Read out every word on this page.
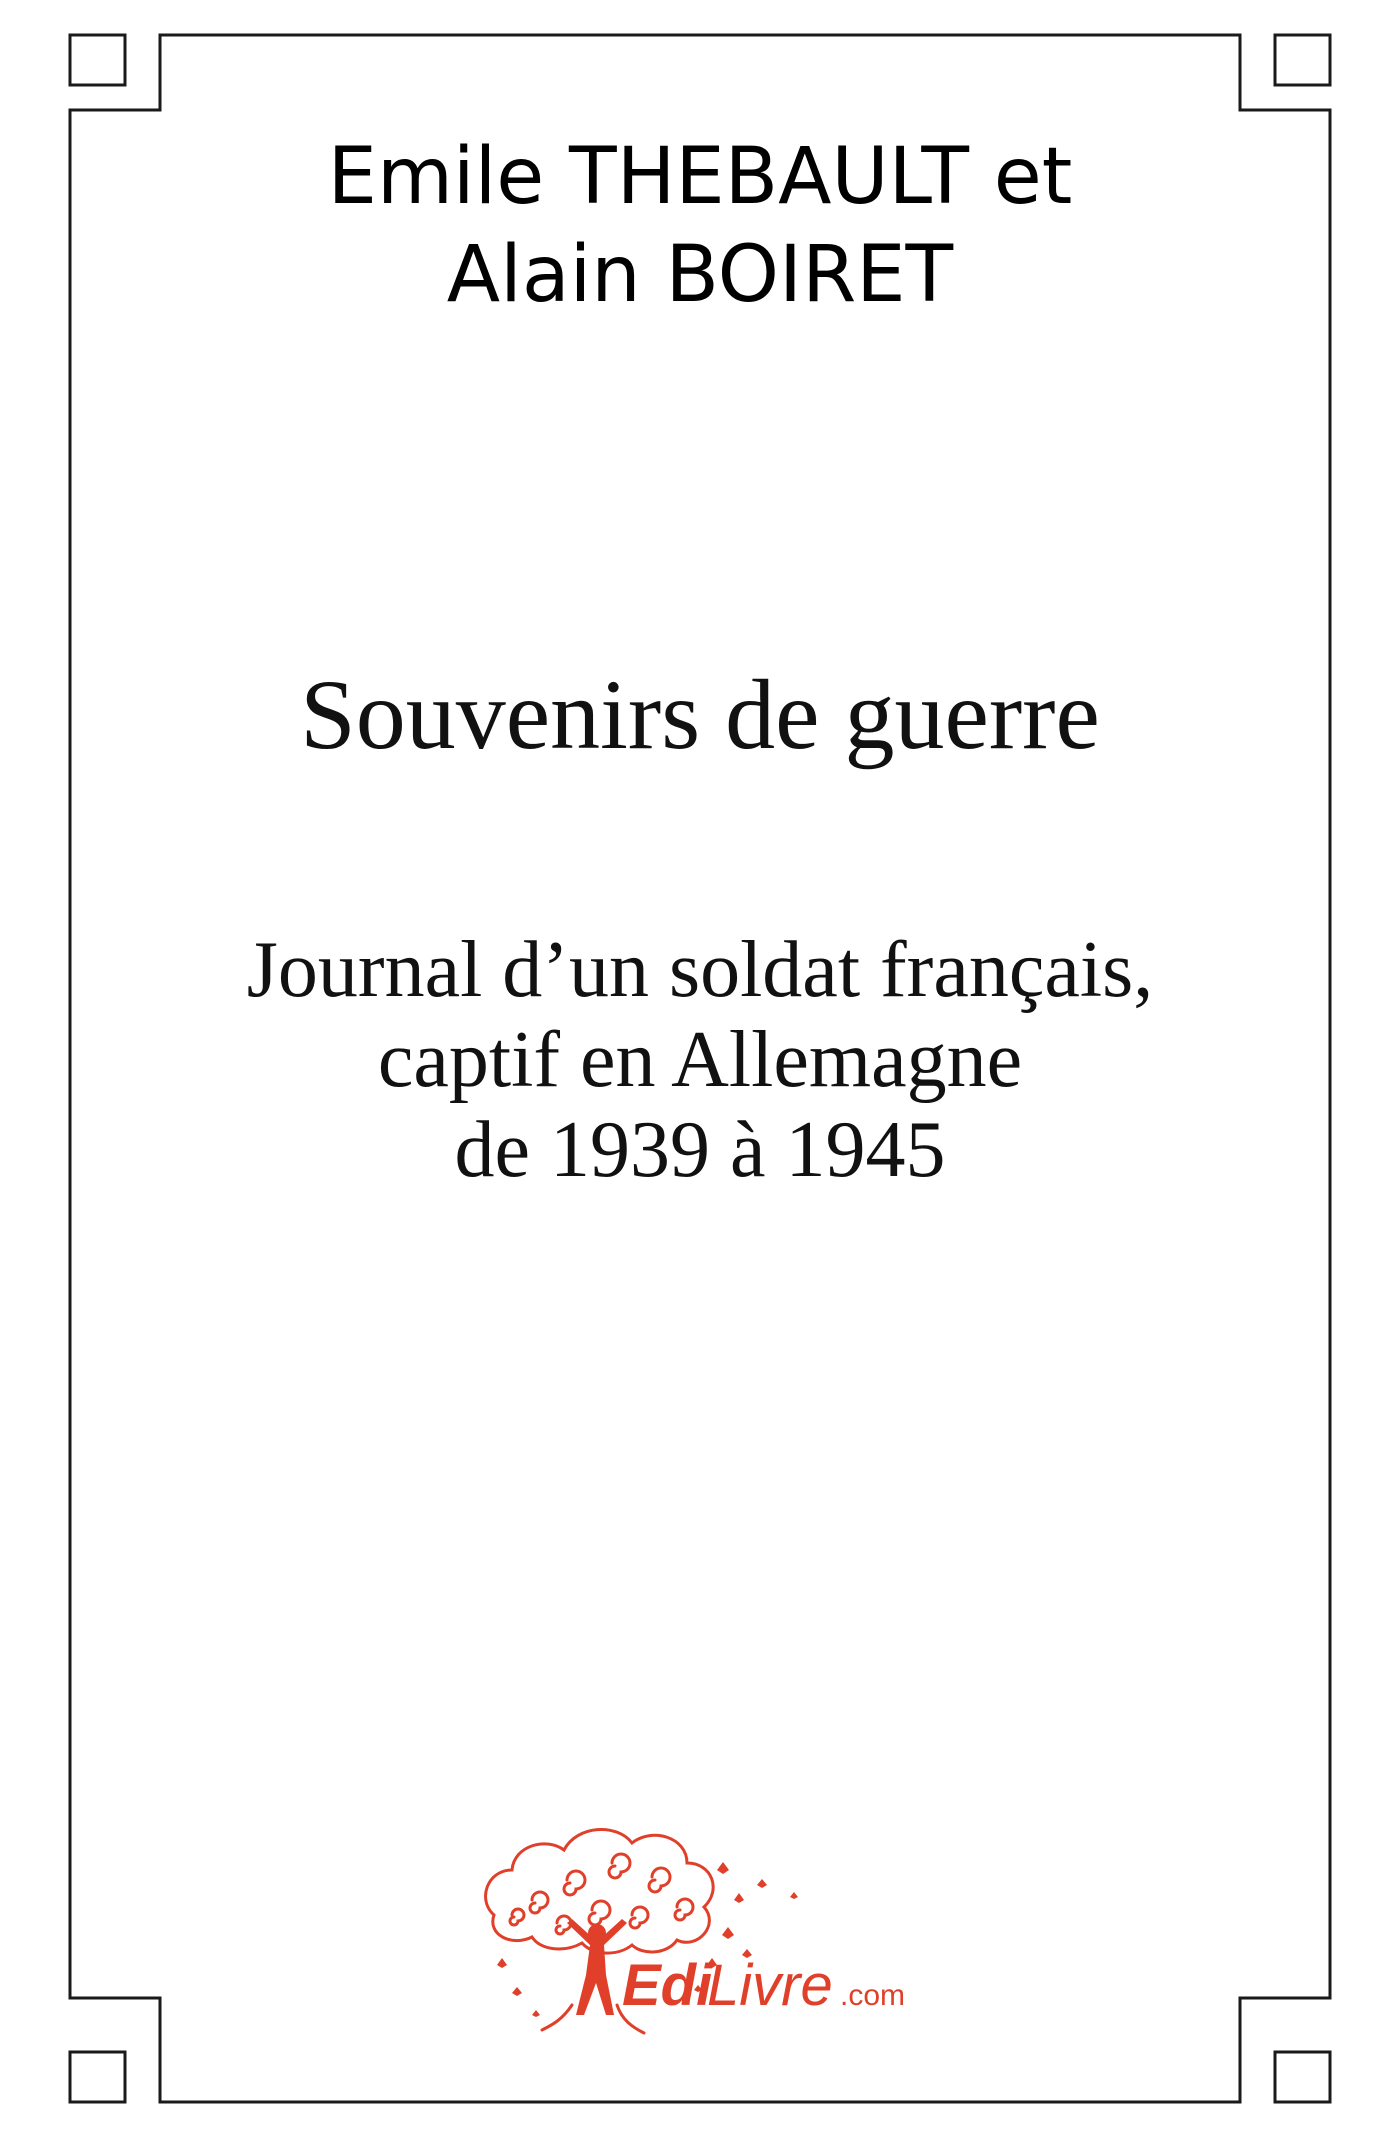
Emile THEBAULT et
Alain BOIRET
Souvenirs de guerre
Journal d’un soldat français,
captif en Allemagne
de 1939 à 1945
Edi
Livre .com
